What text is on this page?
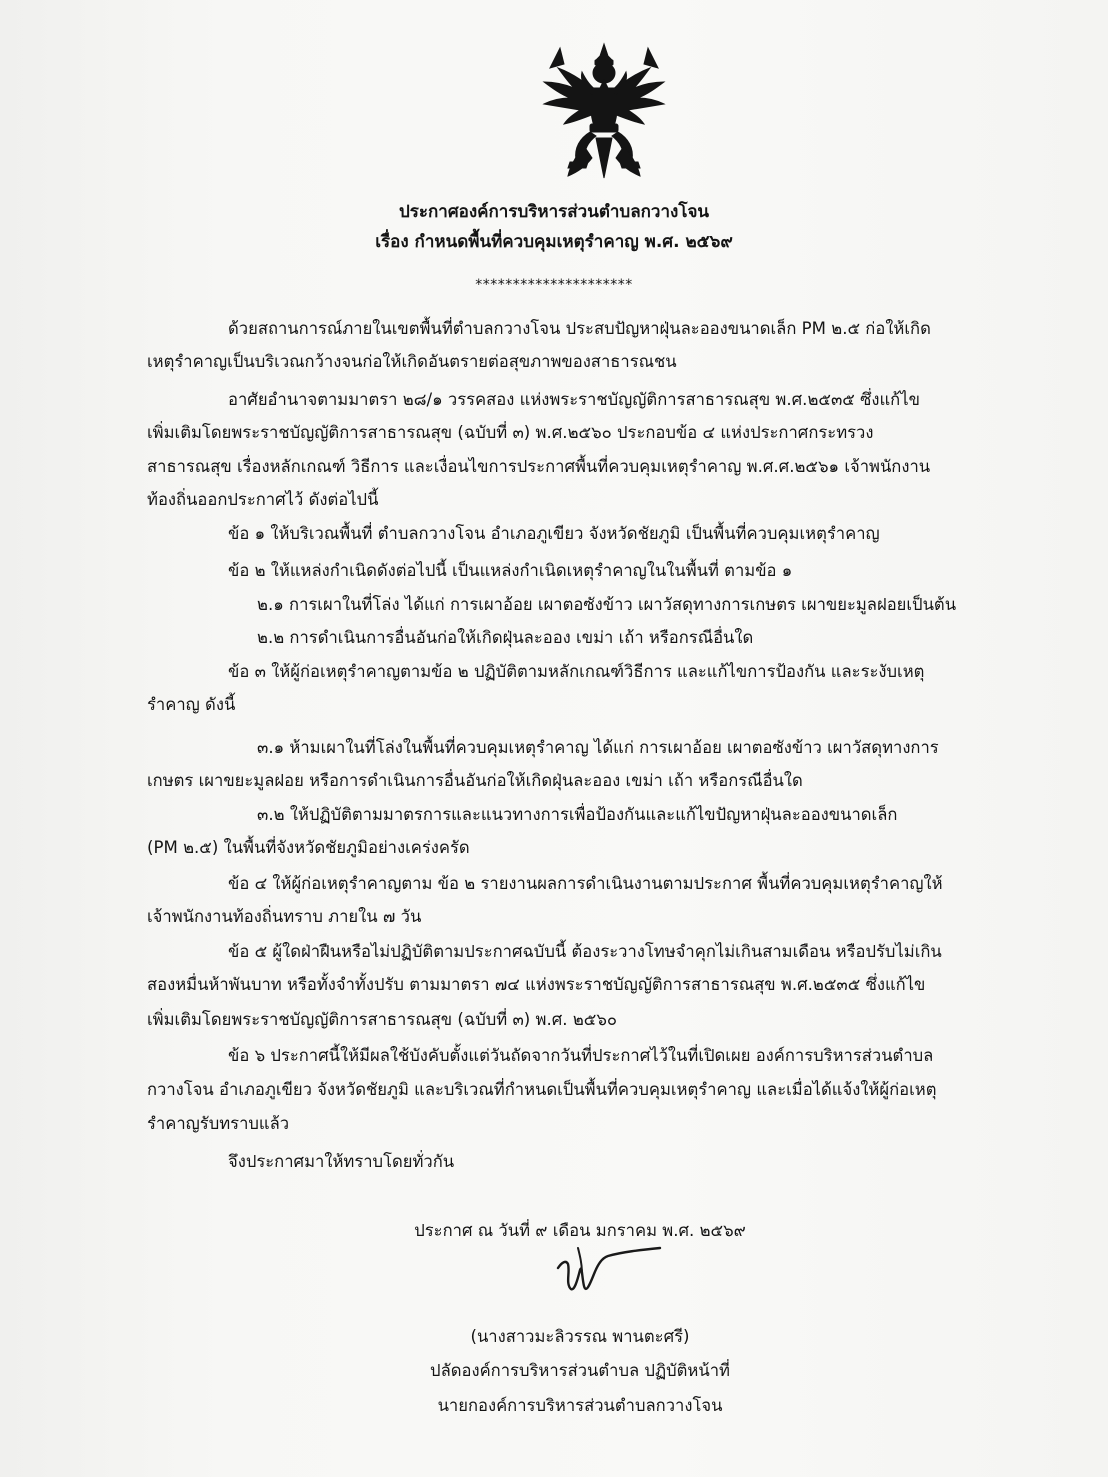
ประกาศองค์การบริหารส่วนตำบลกวางโจน
เรื่อง กำหนดพื้นที่ควบคุมเหตุรำคาญ พ.ศ. ๒๕๖๙
*********************
ด้วยสถานการณ์ภายในเขตพื้นที่ตำบลกวางโจน ประสบปัญหาฝุ่นละอองขนาดเล็ก PM ๒.๕ ก่อให้เกิด
เหตุรำคาญเป็นบริเวณกว้างจนก่อให้เกิดอันตรายต่อสุขภาพของสาธารณชน
อาศัยอำนาจตามมาตรา ๒๘/๑ วรรคสอง แห่งพระราชบัญญัติการสาธารณสุข พ.ศ.๒๕๓๕ ซึ่งแก้ไข
เพิ่มเติมโดยพระราชบัญญัติการสาธารณสุข (ฉบับที่ ๓) พ.ศ.๒๕๖๐ ประกอบข้อ ๔ แห่งประกาศกระทรวง
สาธารณสุข เรื่องหลักเกณฑ์ วิธีการ และเงื่อนไขการประกาศพื้นที่ควบคุมเหตุรำคาญ พ.ศ.ศ.๒๕๖๑ เจ้าพนักงาน
ท้องถิ่นออกประกาศไว้ ดังต่อไปนี้
ข้อ ๑ ให้บริเวณพื้นที่ ตำบลกวางโจน อำเภอภูเขียว จังหวัดชัยภูมิ เป็นพื้นที่ควบคุมเหตุรำคาญ
ข้อ ๒ ให้แหล่งกำเนิดดังต่อไปนี้ เป็นแหล่งกำเนิดเหตุรำคาญในในพื้นที่ ตามข้อ ๑
๒.๑ การเผาในที่โล่ง ได้แก่ การเผาอ้อย เผาตอซังข้าว เผาวัสดุทางการเกษตร เผาขยะมูลฝอยเป็นต้น
๒.๒ การดำเนินการอื่นอันก่อให้เกิดฝุ่นละออง เขม่า เถ้า หรือกรณีอื่นใด
ข้อ ๓ ให้ผู้ก่อเหตุรำคาญตามข้อ ๒ ปฏิบัติตามหลักเกณฑ์วิธีการ และแก้ไขการป้องกัน และระงับเหตุ
รำคาญ ดังนี้
๓.๑ ห้ามเผาในที่โล่งในพื้นที่ควบคุมเหตุรำคาญ ได้แก่ การเผาอ้อย เผาตอซังข้าว เผาวัสดุทางการ
เกษตร เผาขยะมูลฝอย หรือการดำเนินการอื่นอันก่อให้เกิดฝุ่นละออง เขม่า เถ้า หรือกรณีอื่นใด
๓.๒ ให้ปฏิบัติตามมาตรการและแนวทางการเพื่อป้องกันและแก้ไขปัญหาฝุ่นละอองขนาดเล็ก
(PM ๒.๕) ในพื้นที่จังหวัดชัยภูมิอย่างเคร่งครัด
ข้อ ๔ ให้ผู้ก่อเหตุรำคาญตาม ข้อ ๒ รายงานผลการดำเนินงานตามประกาศ พื้นที่ควบคุมเหตุรำคาญให้
เจ้าพนักงานท้องถิ่นทราบ ภายใน ๗ วัน
ข้อ ๕ ผู้ใดฝ่าฝืนหรือไม่ปฏิบัติตามประกาศฉบับนี้ ต้องระวางโทษจำคุกไม่เกินสามเดือน หรือปรับไม่เกิน
สองหมื่นห้าพันบาท หรือทั้งจำทั้งปรับ ตามมาตรา ๗๔ แห่งพระราชบัญญัติการสาธารณสุข พ.ศ.๒๕๓๕ ซึ่งแก้ไข
เพิ่มเติมโดยพระราชบัญญัติการสาธารณสุข (ฉบับที่ ๓) พ.ศ. ๒๕๖๐
ข้อ ๖ ประกาศนี้ให้มีผลใช้บังคับตั้งแต่วันถัดจากวันที่ประกาศไว้ในที่เปิดเผย องค์การบริหารส่วนตำบล
กวางโจน อำเภอภูเขียว จังหวัดชัยภูมิ และบริเวณที่กำหนดเป็นพื้นที่ควบคุมเหตุรำคาญ และเมื่อได้แจ้งให้ผู้ก่อเหตุ
รำคาญรับทราบแล้ว
จึงประกาศมาให้ทราบโดยทั่วกัน
ประกาศ ณ วันที่ ๙ เดือน มกราคม พ.ศ. ๒๕๖๙
(นางสาวมะลิวรรณ พานตะศรี)
ปลัดองค์การบริหารส่วนตำบล ปฏิบัติหน้าที่
นายกองค์การบริหารส่วนตำบลกวางโจน
